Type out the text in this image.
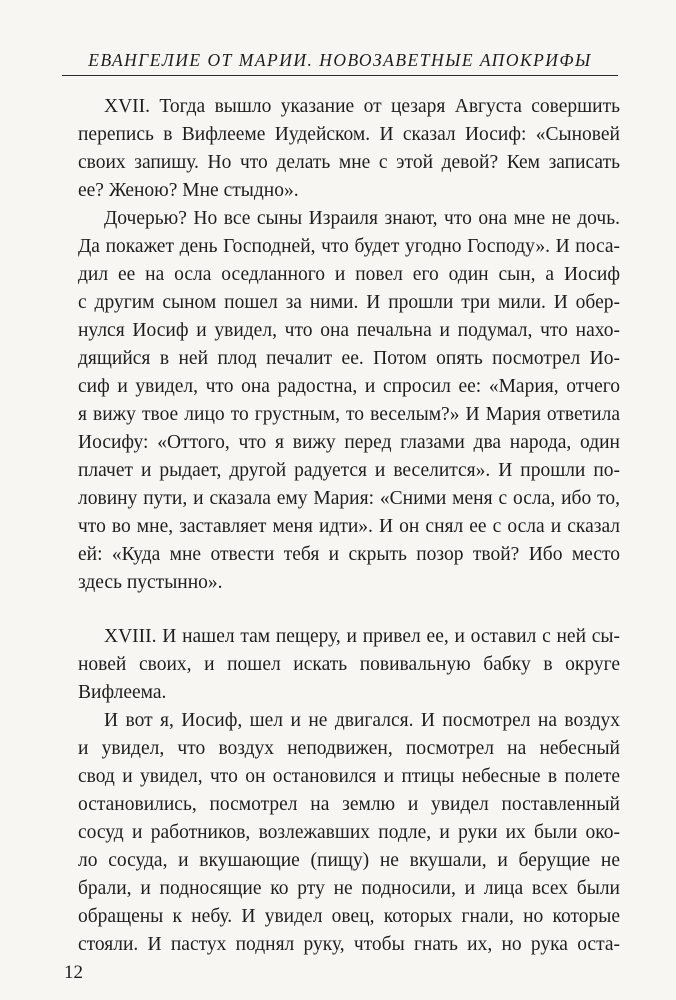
ЕВАНГЕЛИЕ ОТ МАРИИ. НОВОЗАВЕТНЫЕ АПОКРИФЫ
XVII. Тогда вышло указание от цезаря Августа совершить
перепись в Вифлееме Иудейском. И сказал Иосиф: «Сыновей
своих запишу. Но что делать мне с этой девой? Кем записать
ее? Женою? Мне стыдно».
Дочерью? Но все сыны Израиля знают, что она мне не дочь.
Да покажет день Господней, что будет угодно Господу». И поса-
дил ее на осла оседланного и повел его один сын, а Иосиф
с другим сыном пошел за ними. И прошли три мили. И обер-
нулся Иосиф и увидел, что она печальна и подумал, что нахо-
дящийся в ней плод печалит ее. Потом опять посмотрел Ио-
сиф и увидел, что она радостна, и спросил ее: «Мария, отчего
я вижу твое лицо то грустным, то веселым?» И Мария ответила
Иосифу: «Оттого, что я вижу перед глазами два народа, один
плачет и рыдает, другой радуется и веселится». И прошли по-
ловину пути, и сказала ему Мария: «Сними меня с осла, ибо то,
что во мне, заставляет меня идти». И он снял ее с осла и сказал
ей: «Куда мне отвести тебя и скрыть позор твой? Ибо место
здесь пустынно».
XVIII. И нашел там пещеру, и привел ее, и оставил с ней сы-
новей своих, и пошел искать повивальную бабку в округе
Вифлеема.
И вот я, Иосиф, шел и не двигался. И посмотрел на воздух
и увидел, что воздух неподвижен, посмотрел на небесный
свод и увидел, что он остановился и птицы небесные в полете
остановились, посмотрел на землю и увидел поставленный
сосуд и работников, возлежавших подле, и руки их были око-
ло сосуда, и вкушающие (пищу) не вкушали, и берущие не
брали, и подносящие ко рту не подносили, и лица всех были
обращены к небу. И увидел овец, которых гнали, но которые
стояли. И пастух поднял руку, чтобы гнать их, но рука оста-
12
